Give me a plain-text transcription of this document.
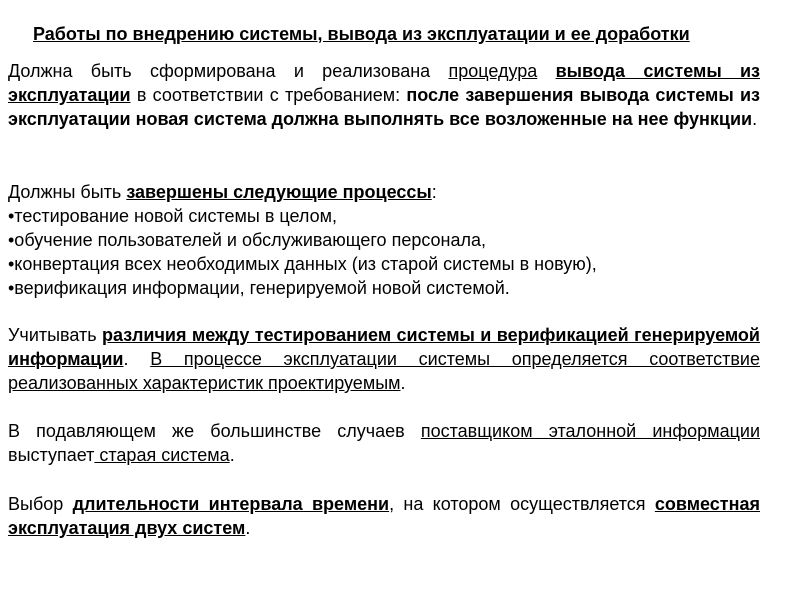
Работы по внедрению системы, вывода из эксплуатации и ее доработки
Должна быть сформирована и реализована процедура вывода системы из эксплуатации в соответствии с требованием: после завершения вывода системы из эксплуатации новая система должна выполнять все возложенные на нее функции.
Должны быть завершены следующие процессы:
•тестирование новой системы в целом,
•обучение пользователей и обслуживающего персонала,
•конвертация всех необходимых данных (из старой системы в новую),
•верификация информации, генерируемой новой системой.
Учитывать различия между тестированием системы и верификацией генерируемой информации. В процессе эксплуатации системы определяется соответствие реализованных характеристик проектируемым.
В подавляющем же большинстве случаев поставщиком эталонной информации выступает старая система.
Выбор длительности интервала времени, на котором осуществляется совместная эксплуатация двух систем.
